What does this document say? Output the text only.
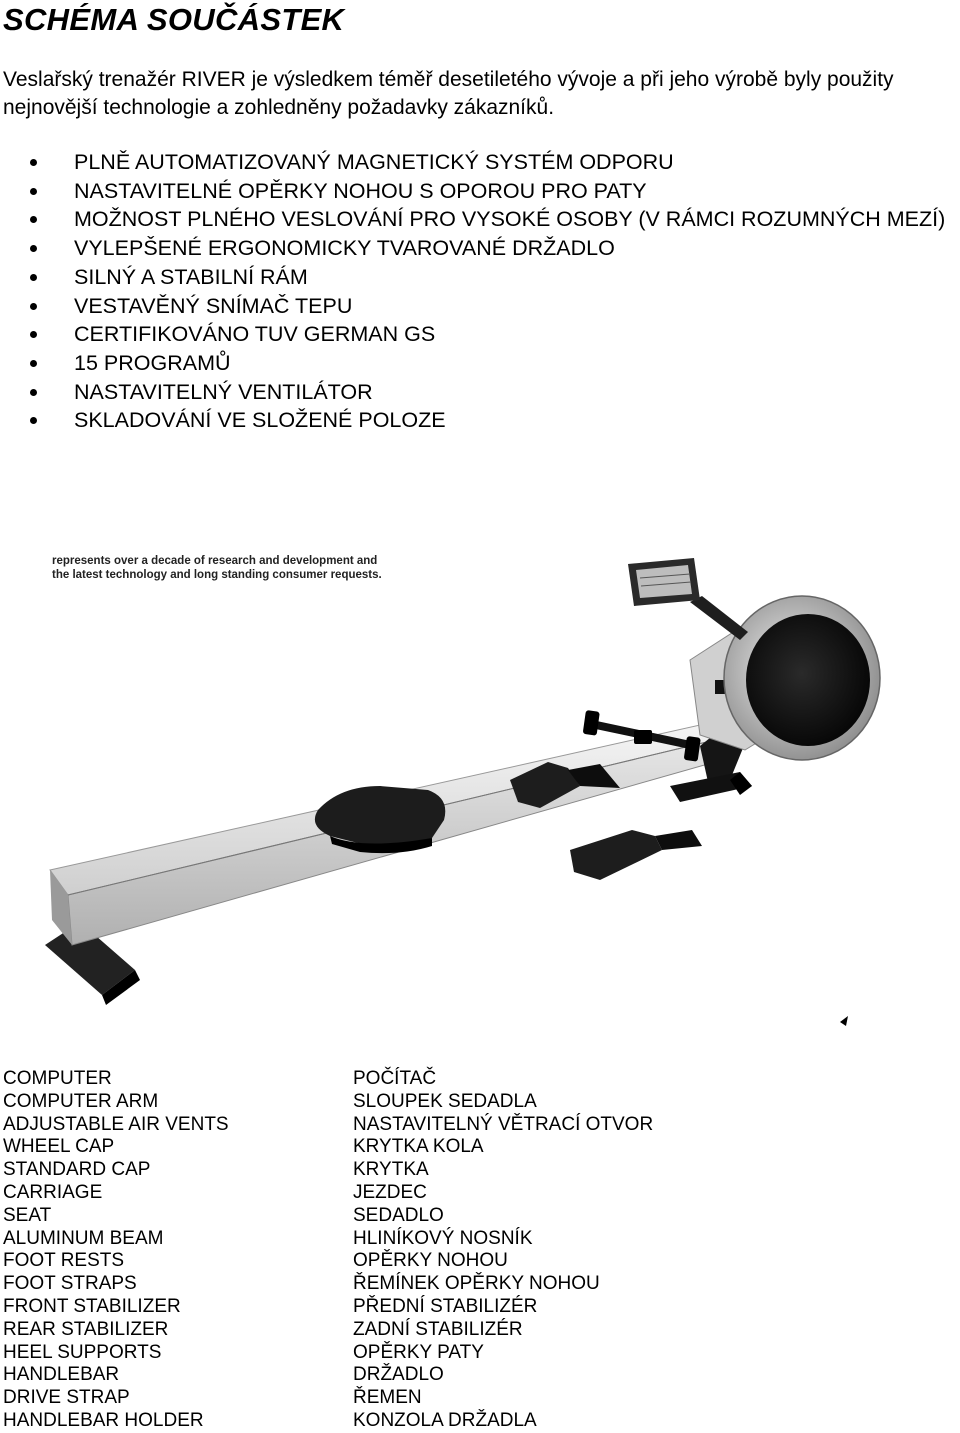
SCHÉMA SOUČÁSTEK
Veslařský trenažér RIVER je výsledkem téměř desetiletého vývoje a při jeho výrobě byly použity nejnovější technologie a zohledněny požadavky zákazníků.
PLNĚ AUTOMATIZOVANÝ MAGNETICKÝ SYSTÉM ODPORU
NASTAVITELNÉ OPĚRKY NOHOU S OPOROU PRO PATY
MOŽNOST PLNÉHO VESLOVÁNÍ PRO VYSOKÉ OSOBY (V RÁMCI ROZUMNÝCH MEZÍ)
VYLEPŠENÉ ERGONOMICKY TVAROVANÉ DRŽADLO
SILNÝ A STABILNÍ RÁM
VESTAVĚNÝ SNÍMAČ TEPU
CERTIFIKOVÁNO TUV GERMAN GS
15 PROGRAMŮ
NASTAVITELNÝ VENTILÁTOR
SKLADOVÁNÍ VE SLOŽENÉ POLOZE
represents over a decade of research and development and
the latest technology and long standing consumer requests.
COMPUTER	POČÍTAČ
COMPUTER ARM	SLOUPEK SEDADLA
ADJUSTABLE AIR VENTS	NASTAVITELNÝ VĚTRACÍ OTVOR
WHEEL CAP	KRYTKA KOLA
STANDARD CAP	KRYTKA
CARRIAGE	JEZDEC
SEAT	SEDADLO
ALUMINUM BEAM	HLINÍKOVÝ NOSNÍK
FOOT RESTS	OPĚRKY NOHOU
FOOT STRAPS	ŘEMÍNEK OPĚRKY NOHOU
FRONT STABILIZER	PŘEDNÍ STABILIZÉR
REAR STABILIZER	ZADNÍ STABILIZÉR
HEEL SUPPORTS	OPĚRKY PATY
HANDLEBAR	DRŽADLO
DRIVE STRAP	ŘEMEN
HANDLEBAR HOLDER	KONZOLA DRŽADLA
